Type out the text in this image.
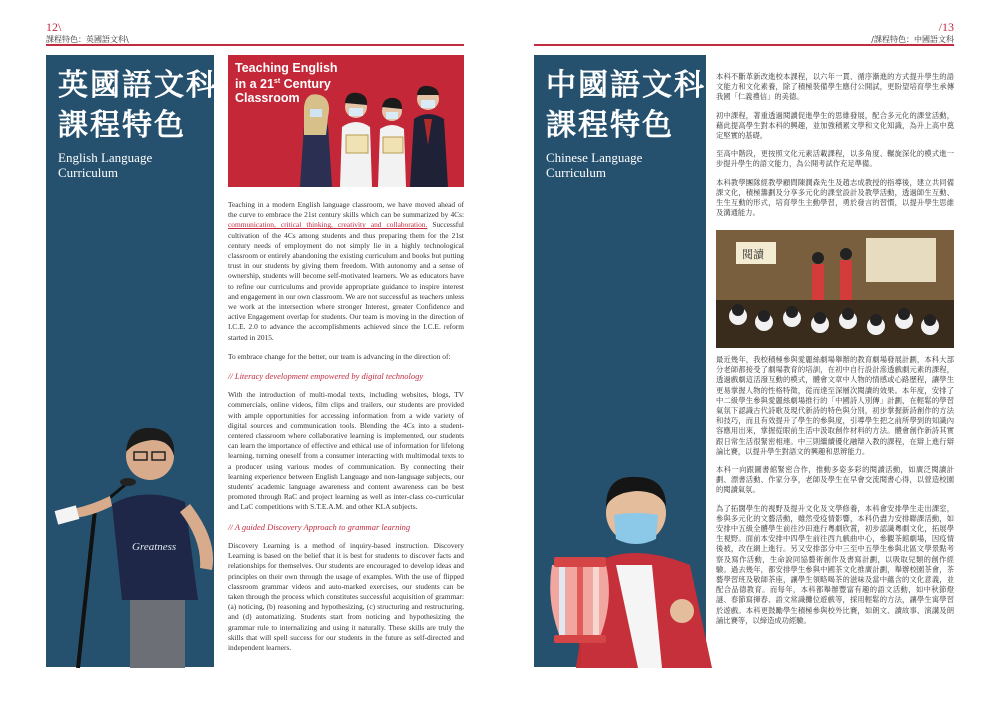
12\
課程特色：英國語文科\
英國語文科
課程特色
English Language
Curriculum
Greatness
Teaching English
in a 21st Century
Classroom

Teaching in a modern English language classroom, we have moved ahead of the curve to embrace the 21st century skills which can be summarized by 4Cs: communication, critical thinking, creativity and collaboration. Successful cultivation of the 4Cs among students and thus preparing them for the 21st century needs of employment do not simply lie in a highly technological classroom or entirely abandoning the existing curriculum and books but putting trust in our students by giving them freedom. With autonomy and a sense of ownership, students will become self-motivated learners. We as educators have to refine our curriculums and provide appropriate guidance to inspire interest and engagement in our own classroom. We are not successful as teachers unless we work at the intersection where stronger Interest, greater Confidence and active Engagement overlap for students. Our team is moving in the direction of I.C.E. 2.0 to advance the accomplishments achieved since the I.C.E. reform started in 2015.

To embrace change for the better, our team is advancing in the direction of:

// Literacy development empowered by digital technology

With the introduction of multi-modal texts, including websites, blogs, TV commercials, online videos, film clips and trailers, our students are provided with ample opportunities for accessing information from a wide variety of digital sources and communication tools. Blending the 4Cs into a student-centered classroom where collaborative learning is implemented, our students can learn the importance of effective and ethical use of information for lifelong learning, turning oneself from a consumer interacting with multimodal texts to a producer using various modes of communication. By connecting their learning experience between English Language and non-language subjects, our students' academic language awareness and content awareness can be best promoted through RaC and project learning as well as inter-class co-curricular and LaC competitions with S.T.E.A.M. and other KLA subjects.

// A guided Discovery Approach to grammar learning

Discovery Learning is a method of inquiry-based instruction. Discovery Learning is based on the belief that it is best for students to discover facts and relationships for themselves. Our students are encouraged to develop ideas and principles on their own through the usage of examples. With the use of flipped classroom grammar videos and auto-marked exercises, our students can be taken through the process which constitutes successful acquisition of grammar: (a) noticing, (b) reasoning and hypothesizing, (c) structuring and restructuring, and (d) automatizing. Students start from noticing and hypothesizing the grammar rule to internalizing and using it naturally. These skills are truly the skills that will spell success for our students in the future as self-directed and independent learners.

/13
/課程特色：中國語文科
中國語文科
課程特色
Chinese Language
Curriculum

本科不斷革新改進校本課程，以六年一貫、循序漸進的方式提升學生的語文能力和文化素養，除了積極裝備學生應付公開試，更盼望培育學生承傳我國「仁義禮信」的美德。

初中課程，著重透過閱讀促進學生的思維發展，配合多元化的課堂活動，藉此提高學生對本科的興趣，並加強積累文學和文化知識，為升上高中奠定堅實的基礎。

至高中階段，更按照文化元素活載課程，以多角度、輾旋深化的模式進一步提升學生的語文能力，為公開考試作充足準備。

本科教學團隊經教學顧問陳潤森先生及趙志成教授的指導後，建立共同備課文化，積極籌劃及分享多元化的課堂設計及教學活動，透過師生互動、生生互動的形式，培育學生主動學習，勇於發言的習慣，以提升學生思維及溝通能力。

閱讀

最近幾年，我校積極參與愛麗絲劇場舉辦的教育劇場發展計劃，本科大部分老師都接受了劇場教育的培訓，在初中自行設計滲透戲劇元素的課程，透過戲劇這活潑互動的模式，體會文章中人物的情感或心路歷程，讓學生更易掌握人物的性格特徵，從而達至深層次閱讀的效果。本年度，安排了中二級學生參與愛麗絲劇場推行的「中國詩人別傳」計劃，在輕鬆的學習氣氛下認識古代詩歌及現代新詩的特色與分別，初步掌握新詩創作的方法和技巧，而且有效提升了學生的參與度，引導學生把之前所學到的知識內容應用出來，掌握從眼前生活中汲取創作材料的方法。體會創作新詩其實跟日常生活很緊密相連。中三則繼續優化融辯入教的課程，在辯上進行辯論比賽，以提升學生對語文的興趣和思辨能力。

本科一向跟圖書館緊密合作，推動多姿多彩的閱讀活動，如廣泛閱讀計劃、漂書活動、作家分享，老師及學生在早會交流閱書心得，以營造校園的閱讀氣氛。

為了拓闊學生的視野及提升文化及文學修養，本科會安排學生走出課室，參與多元化的文藝活動，雖然受疫情影響，本科仍盡力安排聯課活動，如安排中五級全體學生前往沙田進行粵劇欣賞，初步認識粵劇文化，拓展學生視野。面前本安排中四學生前往西九戲曲中心，參觀茶館劇場，因疫情後被，改在網上進行。另又安排部分中三至中五學生參與北區文學景點考察及寫作活動，生命說同協藝術創作及書寫計劃，以吸取兒類的創作經驗。過去幾年，都安排學生參與中國茶文化推廣計劃，舉辦校園茶會，茶藝學習班及敬師茶座，讓學生領略喝茶的滋味及當中蘊含的文化意義，並配合品德教育。而每年，本科都舉辦豐富有趣的語文活動，如中秋節燈謎、春節寫揮春、語文常識攤位遊戲等，採用輕鬆的方法，讓學生寓學習於遊戲。本科更鼓勵學生積極參與校外比賽，如朗文、讀故事、演講及朗誦比賽等，以締造成功經驗。
